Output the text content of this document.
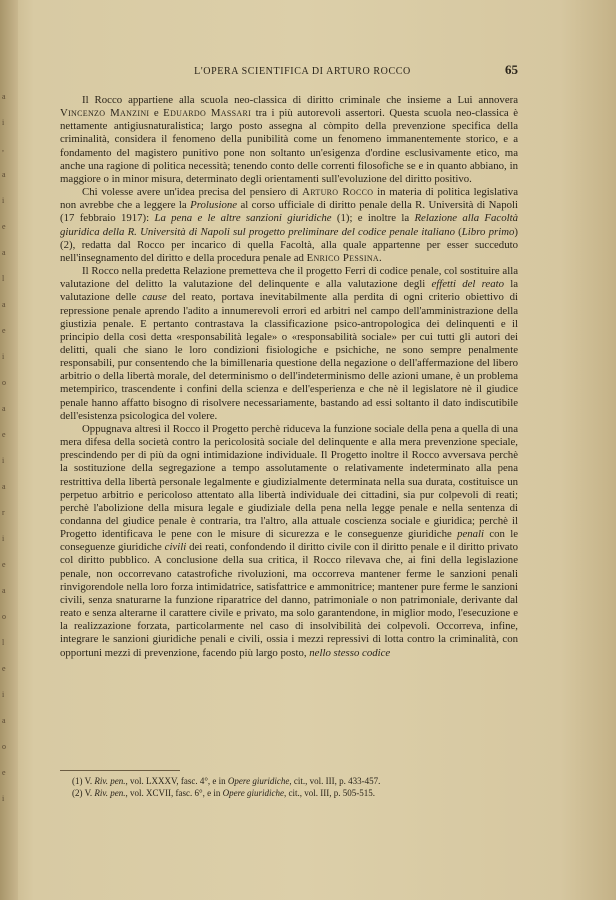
a
i
,
a
i
e
a
l
a
e
i
o
a
e
i
a
r
i
e
a
o
l
e
i
a
o
e
i
L'OPERA SCIENTIFICA DI ARTURO ROCCO	65

Il Rocco appartiene alla scuola neo-classica di diritto criminale che insieme a Lui annovera Vincenzo Manzini e Eduardo Massari tra i più autorevoli assertori. Questa scuola neo-classica è nettamente antigiusnaturalistica; largo posto assegna al còmpito della prevenzione specifica della criminalità, considera il fenomeno della punibilità come un fenomeno immanentemente storico, e a fondamento del magistero punitivo pone non soltanto un'esigenza d'ordine esclusivamente etico, ma anche una ragione di politica necessità; tenendo conto delle correnti filosofiche se e in quanto abbiano, in maggiore o in minor misura, determinato degli orientamenti sull'evoluzione del diritto positivo.

Chi volesse avere un'idea precisa del pensiero di Arturo Rocco in materia di politica legislativa non avrebbe che a leggere la Prolusione al corso ufficiale di diritto penale della R. Università di Napoli (17 febbraio 1917): La pena e le altre sanzioni giuridiche (1); e inoltre la Relazione alla Facoltà giuridica della R. Università di Napoli sul progetto preliminare del codice penale italiano (Libro primo) (2), redatta dal Rocco per incarico di quella Facoltà, alla quale appartenne per esser succeduto nell'insegnamento del diritto e della procedura penale ad Enrico Pessina.

Il Rocco nella predetta Relazione premetteva che il progetto Ferri di codice penale, col sostituire alla valutazione del delitto la valutazione del delinquente e alla valutazione degli effetti del reato la valutazione delle cause del reato, portava inevitabilmente alla perdita di ogni criterio obiettivo di repressione penale aprendo l'adito a innumerevoli errori ed arbitri nel campo dell'amministrazione della giustizia penale. E pertanto contrastava la classificazione psico-antropologica dei delinquenti e il principio della così detta «responsabilità legale» o «responsabilità sociale» per cui tutti gli autori dei delitti, quali che siano le loro condizioni fisiologiche e psichiche, ne sono sempre penalmente responsabili, pur consentendo che la bimillenaria questione della negazione o dell'affermazione del libero arbitrio o della libertà morale, del determinismo o dell'indeterminismo delle azioni umane, è un problema metempirico, trascendente i confini della scienza e dell'esperienza e che nè il legislatore nè il giudice penale hanno affatto bisogno di risolvere necessariamente, bastando ad essi soltanto il dato indiscutibile dell'esistenza psicologica del volere.

Oppugnava altresì il Rocco il Progetto perchè riduceva la funzione sociale della pena a quella di una mera difesa della società contro la pericolosità sociale del delinquente e alla mera prevenzione speciale, prescindendo per di più da ogni intimidazione individuale. Il Progetto inoltre il Rocco avversava perchè la sostituzione della segregazione a tempo assolutamente o relativamente indeterminato alla pena restrittiva della libertà personale legalmente e giudizialmente determinata nella sua durata, costituisce un perpetuo arbitrio e pericoloso attentato alla libertà individuale dei cittadini, sia pur colpevoli di reati; perchè l'abolizione della misura legale e giudiziale della pena nella legge penale e nella sentenza di condanna del giudice penale è contraria, tra l'altro, alla attuale coscienza sociale e giuridica; perchè il Progetto identificava le pene con le misure di sicurezza e le conseguenze giuridiche penali con le conseguenze giuridiche civili dei reati, confondendo il diritto civile con il diritto penale e il diritto privato col diritto pubblico. A conclusione della sua critica, il Rocco rilevava che, ai fini della legislazione penale, non occorrevano catastrofiche rivoluzioni, ma occorreva mantener ferme le sanzioni penali rinvigorendole nella loro forza intimidatrice, satisfattrice e ammonitrice; mantener pure ferme le sanzioni civili, senza snaturarne la funzione riparatrice del danno, patrimoniale o non patrimoniale, derivante dal reato e senza alterarne il carattere civile e privato, ma solo garantendone, in miglior modo, l'esecuzione e la realizzazione forzata, particolarmente nel caso di insolvibilità dei colpevoli. Occorreva, infine, integrare le sanzioni giuridiche penali e civili, ossia i mezzi repressivi di lotta contro la criminalità, con opportuni mezzi di prevenzione, facendo più largo posto, nello stesso codice

(1) V. Riv. pen., vol. LXXXV, fasc. 4°, e in Opere giuridiche, cit., vol. III, p. 433-457.

(2) V. Riv. pen., vol. XCVII, fasc. 6°, e in Opere giuridiche, cit., vol. III, p. 505-515.
